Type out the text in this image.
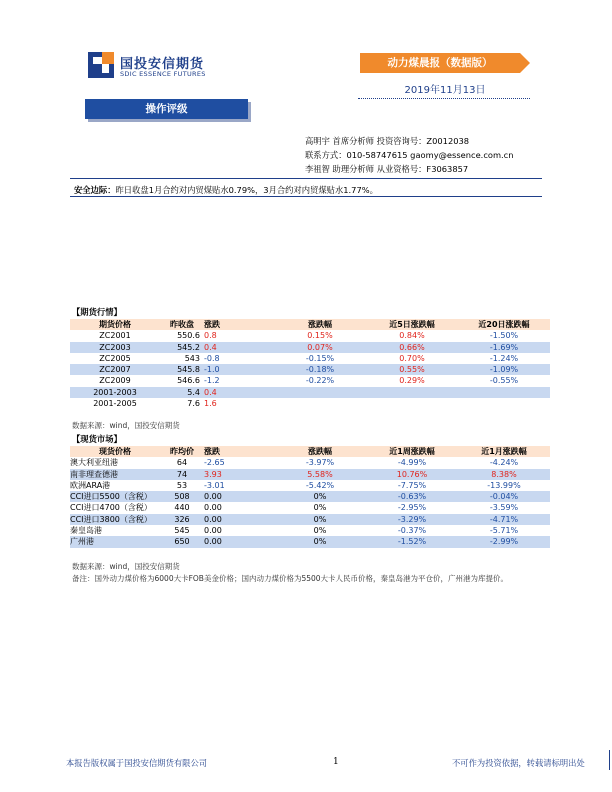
国投安信期货
SDIC ESSENCE FUTURES
动力煤晨报（数据版）
2019年11月13日
操作评级
高明宇 首席分析师 投资咨询号：Z0012038
联系方式：010-58747615 gaomy@essence.com.cn
李祖智 助理分析师 从业资格号：F3063857
安全边际：昨日收盘1月合约对内贸煤贴水0.79%，3月合约对内贸煤贴水1.77%。
【期货行情】
期货价格	昨收盘	涨跌	涨跌幅	近5日涨跌幅	近20日涨跌幅
ZC2001	550.6	0.8	0.15%	0.84%	-1.50%
ZC2003	545.2	0.4	0.07%	0.66%	-1.69%
ZC2005	543	-0.8	-0.15%	0.70%	-1.24%
ZC2007	545.8	-1.0	-0.18%	0.55%	-1.09%
ZC2009	546.6	-1.2	-0.22%	0.29%	-0.55%
2001-2003	5.4	0.4			
2001-2005	7.6	1.6			
数据来源：wind，国投安信期货
【现货市场】
现货价格	昨均价	涨跌	涨跌幅	近1周涨跌幅	近1月涨跌幅
澳大利亚纽港	64	-2.65	-3.97%	-4.99%	-4.24%
南非理查德港	74	3.93	5.58%	10.76%	8.38%
欧洲ARA港	53	-3.01	-5.42%	-7.75%	-13.99%
CCI进口5500（含税）	508	0.00	0%	-0.63%	-0.04%
CCI进口4700（含税）	440	0.00	0%	-2.95%	-3.59%
CCI进口3800（含税）	326	0.00	0%	-3.29%	-4.71%
秦皇岛港	545	0.00	0%	-0.37%	-5.71%
广州港	650	0.00	0%	-1.52%	-2.99%
数据来源：wind，国投安信期货
备注：国外动力煤价格为6000大卡FOB美金价格；国内动力煤价格为5500大卡人民币价格，秦皇岛港为平仓价，广州港为库提价。
本报告版权属于国投安信期货有限公司	1	不可作为投资依据，转载请标明出处
